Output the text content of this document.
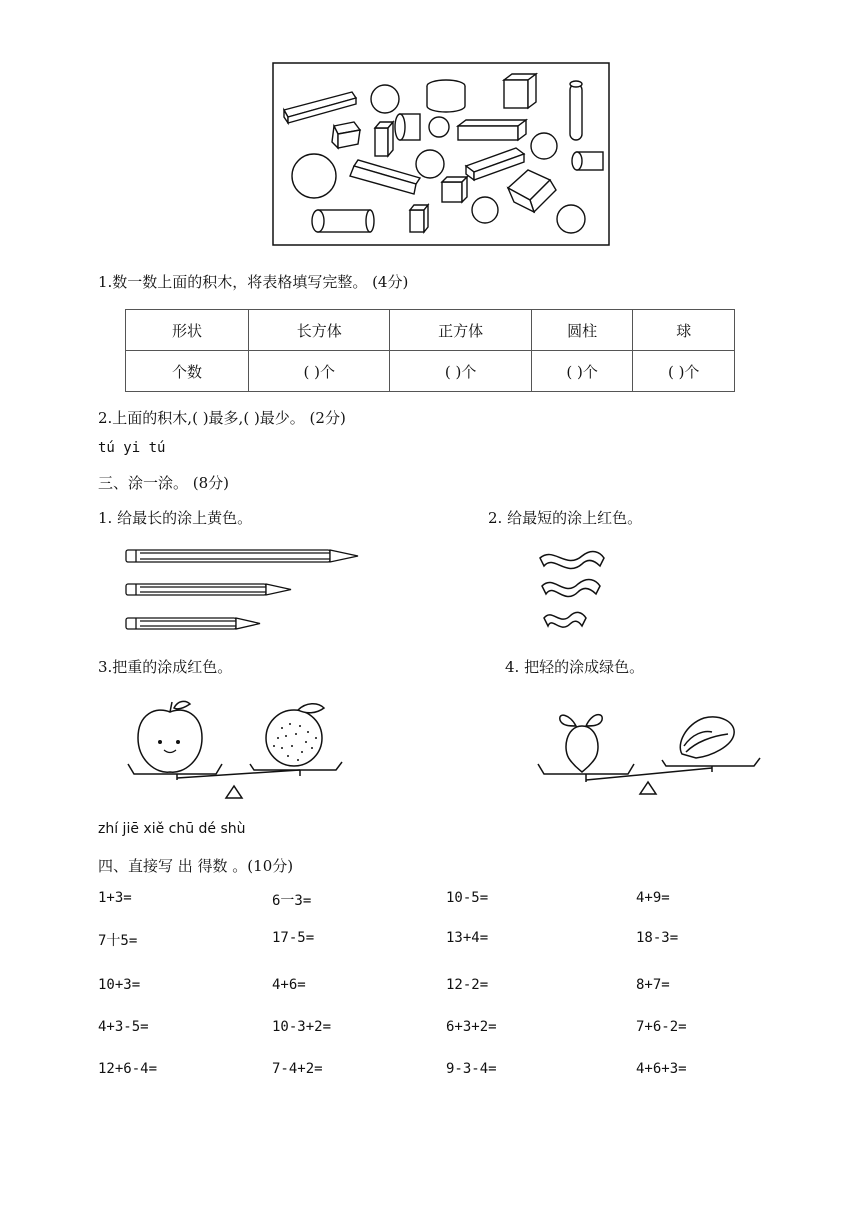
1.数一数上面的积木，将表格填写完整。 (4分)
形状	长方体	正方体	圆柱	球
个数	( )个	( )个	( )个	( )个
2.上面的积木,( )最多,( )最少。 (2分)
tú yi tú
三、涂一涂。 (8分)
1. 给最长的涂上黄色。	2. 给最短的涂上红色。
3.把重的涂成红色。	4. 把轻的涂成绿色。
zhí jiē xiě chū dé shù
四、直接写 出 得数 。(10分)
1+3=	6一3=	10-5=	4+9=
7十5=	17-5=	13+4=	18-3=
10+3=	4+6=	12-2=	8+7=
4+3-5=	10-3+2=	6+3+2=	7+6-2=
12+6-4=	7-4+2=	9-3-4=	4+6+3=
